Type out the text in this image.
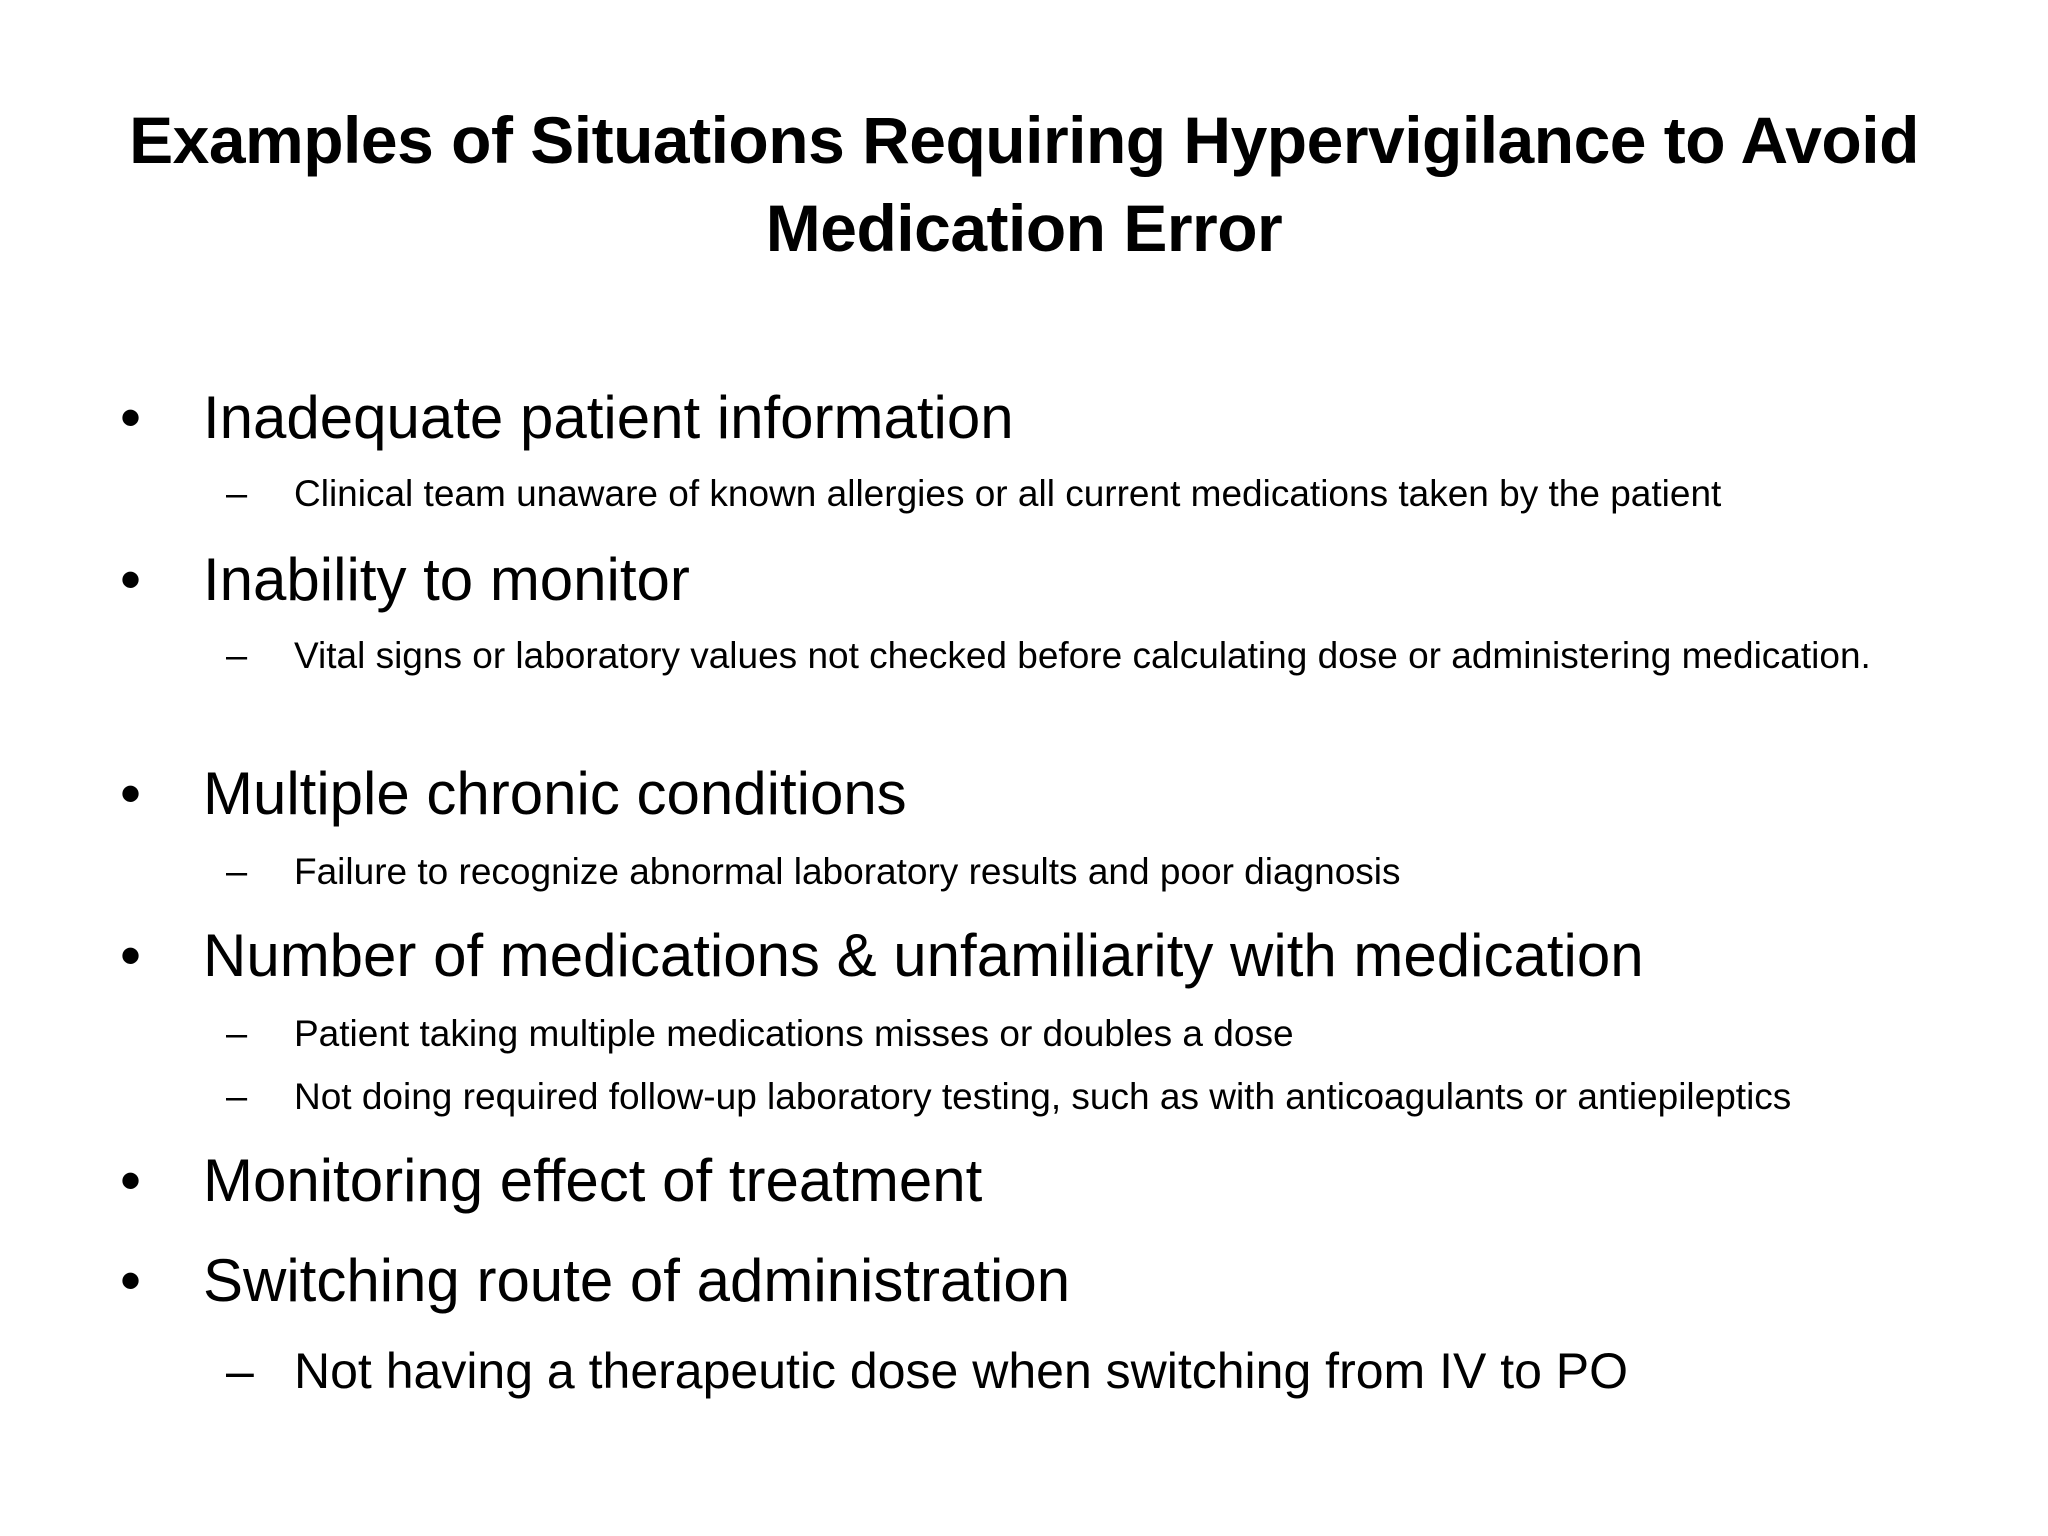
Examples of Situations Requiring Hypervigilance to Avoid Medication Error
• Inadequate patient information
– Clinical team unaware of known allergies or all current medications taken by the patient
• Inability to monitor
– Vital signs or laboratory values not checked before calculating dose or administering medication.
• Multiple chronic conditions
– Failure to recognize abnormal laboratory results and poor diagnosis
• Number of medications & unfamiliarity with medication
– Patient taking multiple medications misses or doubles a dose
– Not doing required follow-up laboratory testing, such as with anticoagulants or antiepileptics
• Monitoring effect of treatment
• Switching route of administration
– Not having a therapeutic dose when switching from IV to PO
